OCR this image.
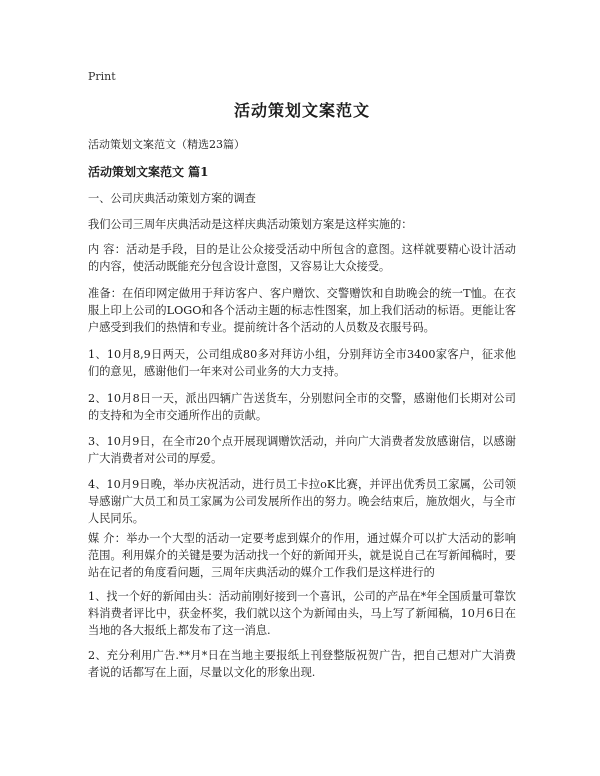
Print
活动策划文案范文
活动策划文案范文（精选23篇）
活动策划文案范文 篇1

一、公司庆典活动策划方案的调查

我们公司三周年庆典活动是这样庆典活动策划方案是这样实施的：

内 容：活动是手段，目的是让公众接受活动中所包含的意图。这样就要精心设计活动的内容，使活动既能充分包含设计意图，又容易让大众接受。

准备：在佰印网定做用于拜访客户、客户赠饮、交警赠饮和自助晚会的统一T恤。在衣服上印上公司的LOGO和各个活动主题的标志性图案，加上我们活动的标语。更能让客户感受到我们的热情和专业。提前统计各个活动的人员数及衣服号码。

1、10月8,9日两天，公司组成80多对拜访小组，分别拜访全市3400家客户，征求他们的意见，感谢他们一年来对公司业务的大力支持。

2、10月8日一天，派出四辆广告送货车，分别慰问全市的交警，感谢他们长期对公司的支持和为全市交通所作出的贡献。

3、10月9日，在全市20个点开展现调赠饮活动，并向广大消费者发放感谢信，以感谢广大消费者对公司的厚爱。

4、10月9日晚，举办庆祝活动，进行员工卡拉oK比赛，并评出优秀员工家属，公司领导感谢广大员工和员工家属为公司发展所作出的努力。晚会结束后，施放烟火，与全市人民同乐。

媒 介：举办一个大型的活动一定要考虑到媒介的作用，通过媒介可以扩大活动的影响范围。利用媒介的关键是要为活动找一个好的新闻开头，就是说自己在写新闻稿时，要站在记者的角度看问题，三周年庆典活动的媒介工作我们是这样进行的

1、找一个好的新闻由头：活动前刚好接到一个喜讯，公司的产品在*年全国质量可靠饮料消费者评比中，获金杯奖，我们就以这个为新闻由头，马上写了新闻稿，10月6日在当地的各大报纸上都发布了这一消息.

2、充分利用广告.**月*日在当地主要报纸上刊登整版祝贺广告，把自己想对广大消费者说的话都写在上面，尽量以文化的形象出现.
